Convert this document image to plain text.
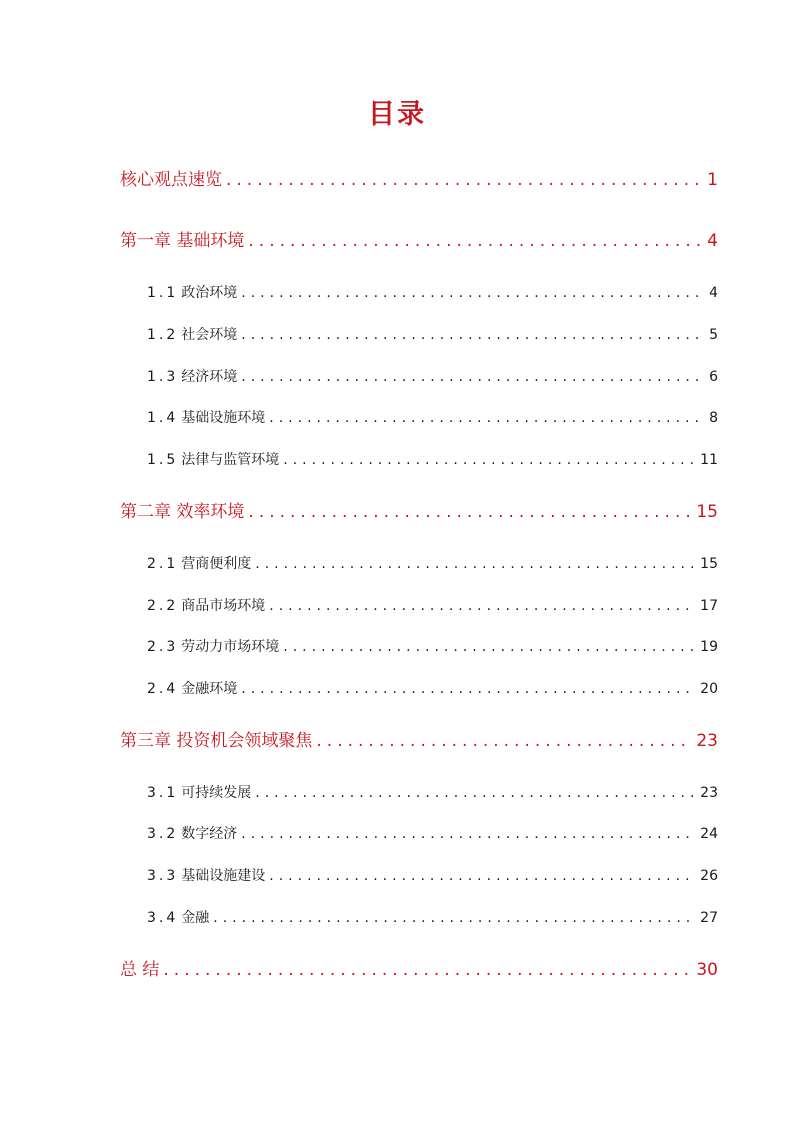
目录
核心观点速览 .....	1
第一章 基础环境 .....	4
1.1 政治环境 .....	4
1.2 社会环境 .....	5
1.3 经济环境 .....	6
1.4 基础设施环境 .....	8
1.5 法律与监管环境 .....	11
第二章 效率环境 .....	15
2.1 营商便利度 .....	15
2.2 商品市场环境 .....	17
2.3 劳动力市场环境 .....	19
2.4 金融环境 .....	20
第三章 投资机会领域聚焦 .....	23
3.1 可持续发展 .....	23
3.2 数字经济 .....	24
3.3 基础设施建设 .....	26
3.4 金融 .....	27
总 结 .....	30
